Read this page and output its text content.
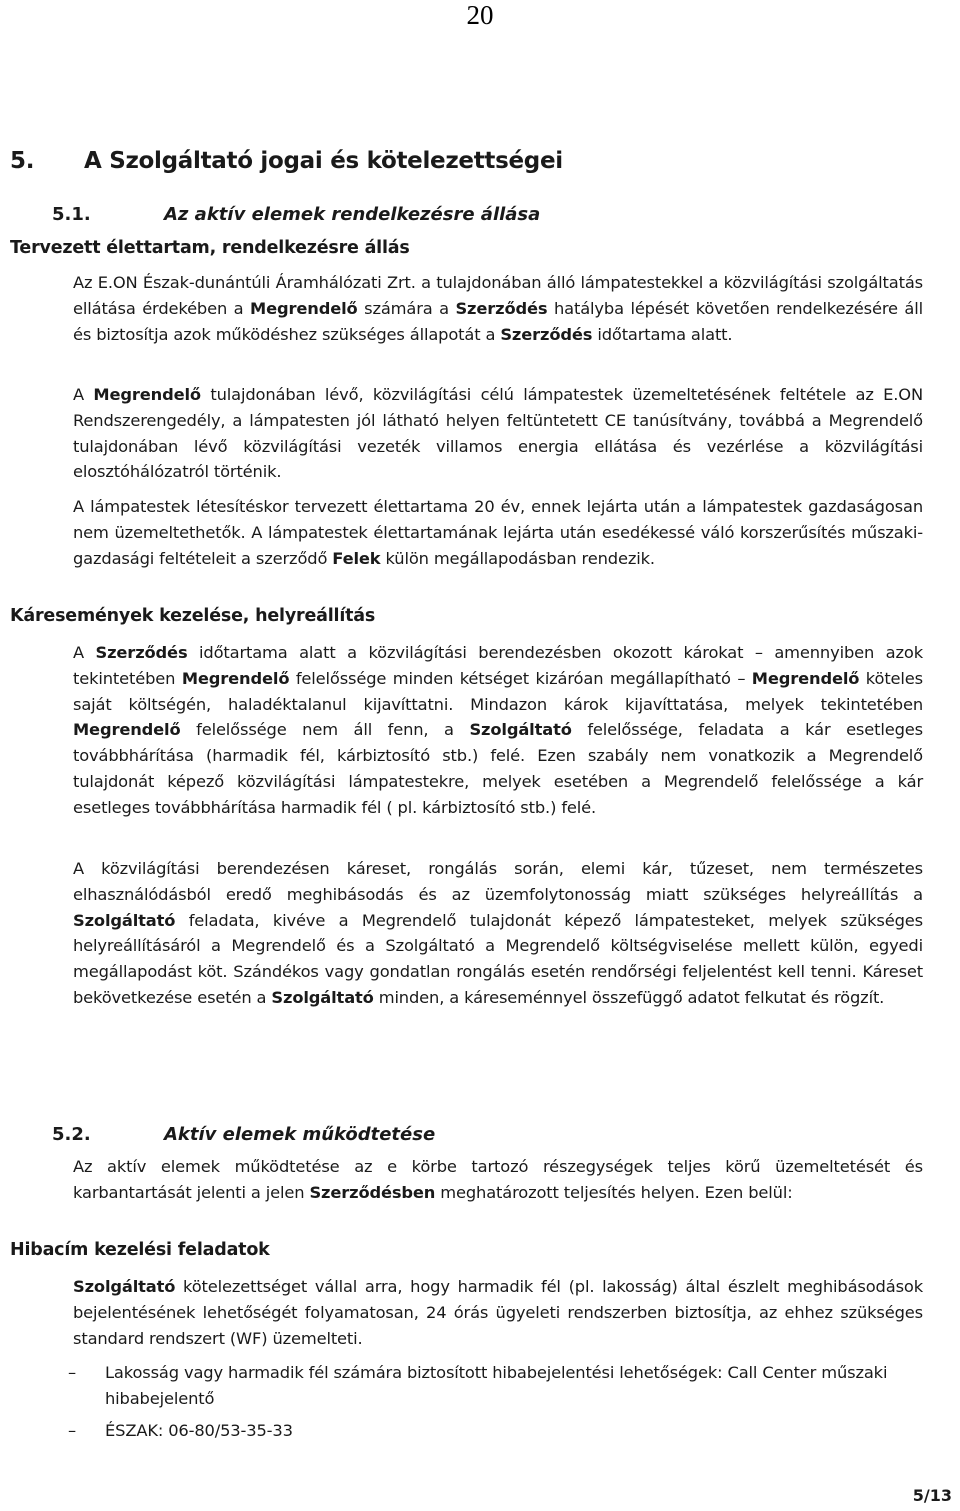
20
5. A Szolgáltató jogai és kötelezettségei
5.1.	Az aktív elemek rendelkezésre állása
Tervezett élettartam, rendelkezésre állás
Az E.ON Észak-dunántúli Áramhálózati Zrt. a tulajdonában álló lámpatestekkel a közvilágítási szolgáltatás ellátása érdekében a Megrendelő számára a Szerződés hatályba lépését követően rendelkezésére áll és biztosítja azok működéshez szükséges állapotát a Szerződés időtartama alatt.
A Megrendelő tulajdonában lévő, közvilágítási célú lámpatestek üzemeltetésének feltétele az E.ON Rendszerengedély, a lámpatesten jól látható helyen feltüntetett CE tanúsítvány, továbbá a Megrendelő tulajdonában lévő közvilágítási vezeték villamos energia ellátása és vezérlése a közvilágítási elosztóhálózatról történik.
A lámpatestek létesítéskor tervezett élettartama 20 év, ennek lejárta után a lámpatestek gazdaságosan nem üzemeltethetők. A lámpatestek élettartamának lejárta után esedékessé váló korszerűsítés műszaki-gazdasági feltételeit a szerződő Felek külön megállapodásban rendezik.
Káresemények kezelése, helyreállítás
A Szerződés időtartama alatt a közvilágítási berendezésben okozott károkat – amennyiben azok tekintetében Megrendelő felelőssége minden kétséget kizáróan megállapítható – Megrendelő köteles saját költségén, haladéktalanul kijavíttatni. Mindazon károk kijavíttatása, melyek tekintetében Megrendelő felelőssége nem áll fenn, a Szolgáltató felelőssége, feladata a kár esetleges továbbhárítása (harmadik fél, kárbiztosító stb.) felé. Ezen szabály nem vonatkozik a Megrendelő tulajdonát képező közvilágítási lámpatestekre, melyek esetében a Megrendelő felelőssége a kár esetleges továbbhárítása harmadik fél ( pl. kárbiztosító stb.) felé.
A közvilágítási berendezésen káreset, rongálás során, elemi kár, tűzeset, nem természetes elhasználódásból eredő meghibásodás és az üzemfolytonosság miatt szükséges helyreállítás a Szolgáltató feladata, kivéve a Megrendelő tulajdonát képező lámpatesteket, melyek szükséges helyreállításáról a Megrendelő és a Szolgáltató a Megrendelő költségviselése mellett külön, egyedi megállapodást köt. Szándékos vagy gondatlan rongálás esetén rendőrségi feljelentést kell tenni. Káreset bekövetkezése esetén a Szolgáltató minden, a káreseménnyel összefüggő adatot felkutat és rögzít.
5.2.	Aktív elemek működtetése
Az aktív elemek működtetése az e körbe tartozó részegységek teljes körű üzemeltetését és karbantartását jelenti a jelen Szerződésben meghatározott teljesítés helyen. Ezen belül:
Hibacím kezelési feladatok
Szolgáltató kötelezettséget vállal arra, hogy harmadik fél (pl. lakosság) által észlelt meghibásodások bejelentésének lehetőségét folyamatosan, 24 órás ügyeleti rendszerben biztosítja, az ehhez szükséges standard rendszert (WF) üzemelteti.
– Lakosság vagy harmadik fél számára biztosított hibabejelentési lehetőségek: Call Center műszaki hibabejelentő
– ÉSZAK: 06-80/53-35-33
5/13
